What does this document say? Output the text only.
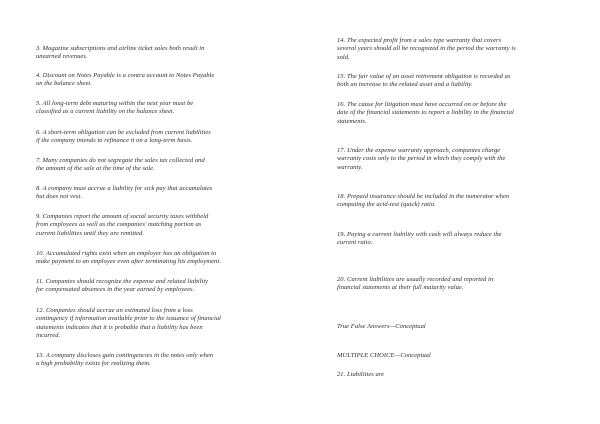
3. Magazine subscriptions and airline ticket sales both result in
unearned revenues.

4. Discount on Notes Payable is a contra account to Notes Payable
on the balance sheet.

5. All long-term debt maturing within the next year must be
classified as a current liability on the balance sheet.

6. A short-term obligation can be excluded from current liabilities
if the company intends to refinance it on a long-term basis.

7. Many companies do not segregate the sales tax collected and
the amount of the sale at the time of the sale.

8. A company must accrue a liability for sick pay that accumulates
but does not vest.

9. Companies report the amount of social security taxes withheld
from employees as well as the companies' matching portion as
current liabilities until they are remitted.

10. Accumulated rights exist when an employer has an obligation to
make payment to an employee even after terminating his employment.

11. Companies should recognize the expense and related liability
for compensated absences in the year earned by employees.

12. Companies should accrue an estimated loss from a loss
contingency if information available prior to the issuance of financial
statements indicates that it is probable that a liability has been
incurred.

13. A company discloses gain contingencies in the notes only when
a high probability exists for realizing them.

14. The expected profit from a sales type warranty that covers
several years should all be recognized in the period the warranty is
sold.

15. The fair value of an asset retirement obligation is recorded as
both an increase to the related asset and a liability.

16. The cause for litigation must have occurred on or before the
date of the financial statements to report a liability in the financial
statements.

17. Under the expense warranty approach, companies charge
warranty costs only to the period in which they comply with the
warranty.

18. Prepaid insurance should be included in the numerator when
computing the acid-test (quick) ratio.

19. Paying a current liability with cash will always reduce the
current ratio.

20. Current liabilities are usually recorded and reported in
financial statements at their full maturity value.

True False Answers—Conceptual

MULTIPLE CHOICE—Conceptual

21. Liabilities are
